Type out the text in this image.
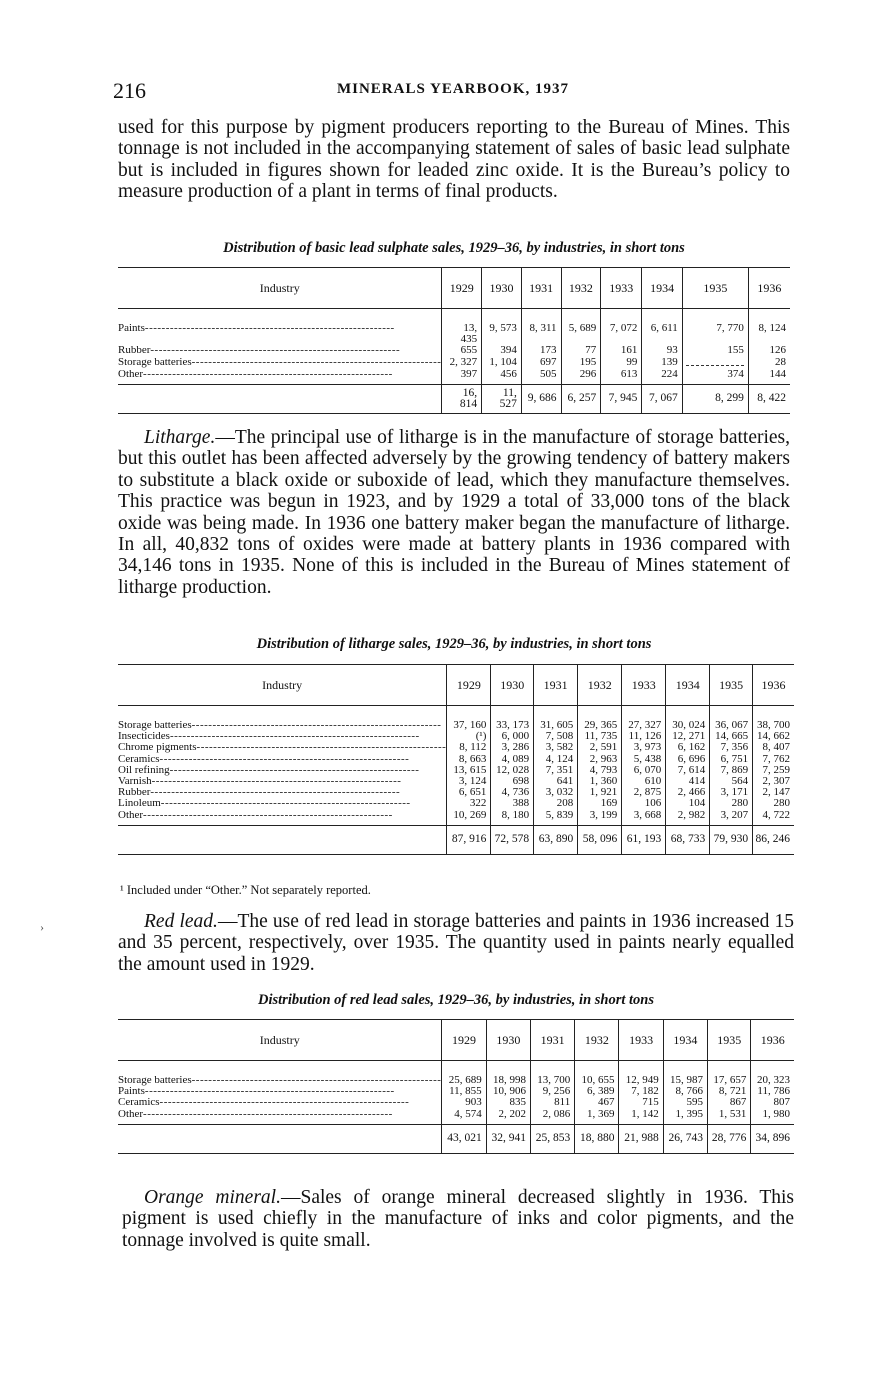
216	MINERALS YEARBOOK, 1937

used for this purpose by pigment producers reporting to the Bureau of Mines. This tonnage is not included in the accompanying statement of sales of basic lead sulphate but is included in figures shown for leaded zinc oxide. It is the Bureau’s policy to measure production of a plant in terms of final products.

Distribution of basic lead sulphate sales, 1929–36, by industries, in short tons
Industry	1929	1930	1931	1932	1933	1934	1935	1936

Paints------------------------------------------------------------	13, 435	9, 573	8, 311	5, 689	7, 072	6, 611	7, 770	8, 124
Rubber------------------------------------------------------------	655	394	173	77	161	93	155	126
Storage batteries------------------------------------------------------------	2, 327	1, 104	697	195	99	139		28
Other------------------------------------------------------------	397	456	505	296	613	224	374	144
	16, 814	11, 527	9, 686	6, 257	7, 945	7, 067	8, 299	8, 422

Litharge.—The principal use of litharge is in the manufacture of storage batteries, but this outlet has been affected adversely by the growing tendency of battery makers to substitute a black oxide or suboxide of lead, which they manufacture themselves. This practice was begun in 1923, and by 1929 a total of 33,000 tons of the black oxide was being made. In 1936 one battery maker began the manufacture of litharge. In all, 40,832 tons of oxides were made at battery plants in 1936 compared with 34,146 tons in 1935. None of this is included in the Bureau of Mines statement of litharge production.

Distribution of litharge sales, 1929–36, by industries, in short tons
Industry	1929	1930	1931	1932	1933	1934	1935	1936

Storage batteries------------------------------------------------------------	37, 160	33, 173	31, 605	29, 365	27, 327	30, 024	36, 067	38, 700
Insecticides------------------------------------------------------------	(¹)	6, 000	7, 508	11, 735	11, 126	12, 271	14, 665	14, 662
Chrome pigments------------------------------------------------------------	8, 112	3, 286	3, 582	2, 591	3, 973	6, 162	7, 356	8, 407
Ceramics------------------------------------------------------------	8, 663	4, 089	4, 124	2, 963	5, 438	6, 696	6, 751	7, 762
Oil refining------------------------------------------------------------	13, 615	12, 028	7, 351	4, 793	6, 070	7, 614	7, 869	7, 259
Varnish------------------------------------------------------------	3, 124	698	641	1, 360	610	414	564	2, 307
Rubber------------------------------------------------------------	6, 651	4, 736	3, 032	1, 921	2, 875	2, 466	3, 171	2, 147
Linoleum------------------------------------------------------------	322	388	208	169	106	104	280	280
Other------------------------------------------------------------	10, 269	8, 180	5, 839	3, 199	3, 668	2, 982	3, 207	4, 722
	87, 916	72, 578	63, 890	58, 096	61, 193	68, 733	79, 930	86, 246
¹ Included under “Other.” Not separately reported.

Red lead.—The use of red lead in storage batteries and paints in 1936 increased 15 and 35 percent, respectively, over 1935. The quantity used in paints nearly equalled the amount used in 1929.

Distribution of red lead sales, 1929–36, by industries, in short tons
Industry	1929	1930	1931	1932	1933	1934	1935	1936

Storage batteries------------------------------------------------------------	25, 689	18, 998	13, 700	10, 655	12, 949	15, 987	17, 657	20, 323
Paints------------------------------------------------------------	11, 855	10, 906	9, 256	6, 389	7, 182	8, 766	8, 721	11, 786
Ceramics------------------------------------------------------------	903	835	811	467	715	595	867	807
Other------------------------------------------------------------	4, 574	2, 202	2, 086	1, 369	1, 142	1, 395	1, 531	1, 980
	43, 021	32, 941	25, 853	18, 880	21, 988	26, 743	28, 776	34, 896

Orange mineral.—Sales of orange mineral decreased slightly in 1936. This pigment is used chiefly in the manufacture of inks and color pigments, and the tonnage involved is quite small.

›
